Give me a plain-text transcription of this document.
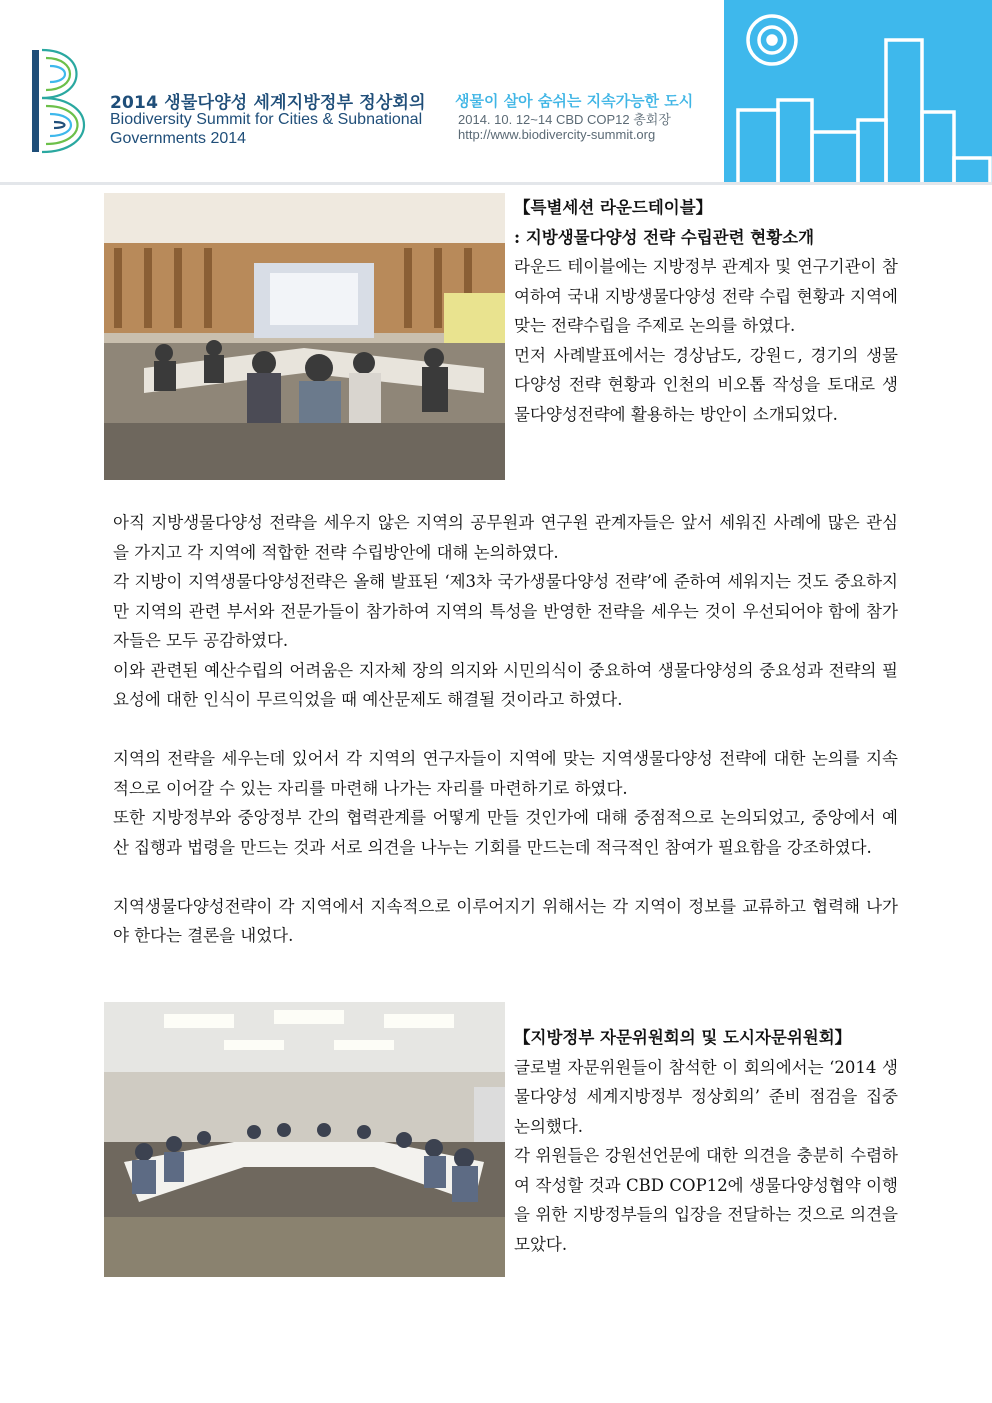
2014 생물다양성 세계지방정부 정상회의
Biodiversity Summit for Cities & Subnational
Governments 2014
생물이 살아 숨쉬는 지속가능한 도시
2014. 10. 12~14 CBD COP12 총회장
http://www.biodivercity-summit.org

【특별세션 라운드테이블】

: 지방생물다양성 전략 수립관련 현황소개

라운드 테이블에는 지방정부 관계자 및 연구기관이 참여하여 국내 지방생물다양성 전략 수립 현황과 지역에 맞는 전략수립을 주제로 논의를 하였다.

먼저 사례발표에서는 경상남도, 강원ㄷ, 경기의 생물다양성 전략 현황과 인천의 비오톱 작성을 토대로 생물다양성전략에 활용하는 방안이 소개되었다.

아직 지방생물다양성 전략을 세우지 않은 지역의 공무원과 연구원 관계자들은 앞서 세워진 사례에 많은 관심을 가지고 각 지역에 적합한 전략 수립방안에 대해 논의하였다.

각 지방이 지역생물다양성전략은 올해 발표된 ‘제3차 국가생물다양성 전략’에 준하여 세워지는 것도 중요하지만 지역의 관련 부서와 전문가들이 참가하여 지역의 특성을 반영한 전략을 세우는 것이 우선되어야 함에 참가자들은 모두 공감하였다.

이와 관련된 예산수립의 어려움은 지자체 장의 의지와 시민의식이 중요하여 생물다양성의 중요성과 전략의 필요성에 대한 인식이 무르익었을 때 예산문제도 해결될 것이라고 하였다.

지역의 전략을 세우는데 있어서 각 지역의 연구자들이 지역에 맞는 지역생물다양성 전략에 대한 논의를 지속적으로 이어갈 수 있는 자리를 마련해 나가는 자리를 마련하기로 하였다.

또한 지방정부와 중앙정부 간의 협력관계를 어떻게 만들 것인가에 대해 중점적으로 논의되었고, 중앙에서 예산 집행과 법령을 만드는 것과 서로 의견을 나누는 기회를 만드는데 적극적인 참여가 필요함을 강조하였다.

지역생물다양성전략이 각 지역에서 지속적으로 이루어지기 위해서는 각 지역이 정보를 교류하고 협력해 나가야 한다는 결론을 내었다.

【지방정부 자문위원회의 및 도시자문위원회】

글로벌 자문위원들이 참석한 이 회의에서는 ‘2014 생물다양성 세계지방정부 정상회의’ 준비 점검을 집중 논의했다.

각 위원들은 강원선언문에 대한 의견을 충분히 수렴하여 작성할 것과 CBD COP12에 생물다양성협약 이행을 위한 지방정부들의 입장을 전달하는 것으로 의견을 모았다.
